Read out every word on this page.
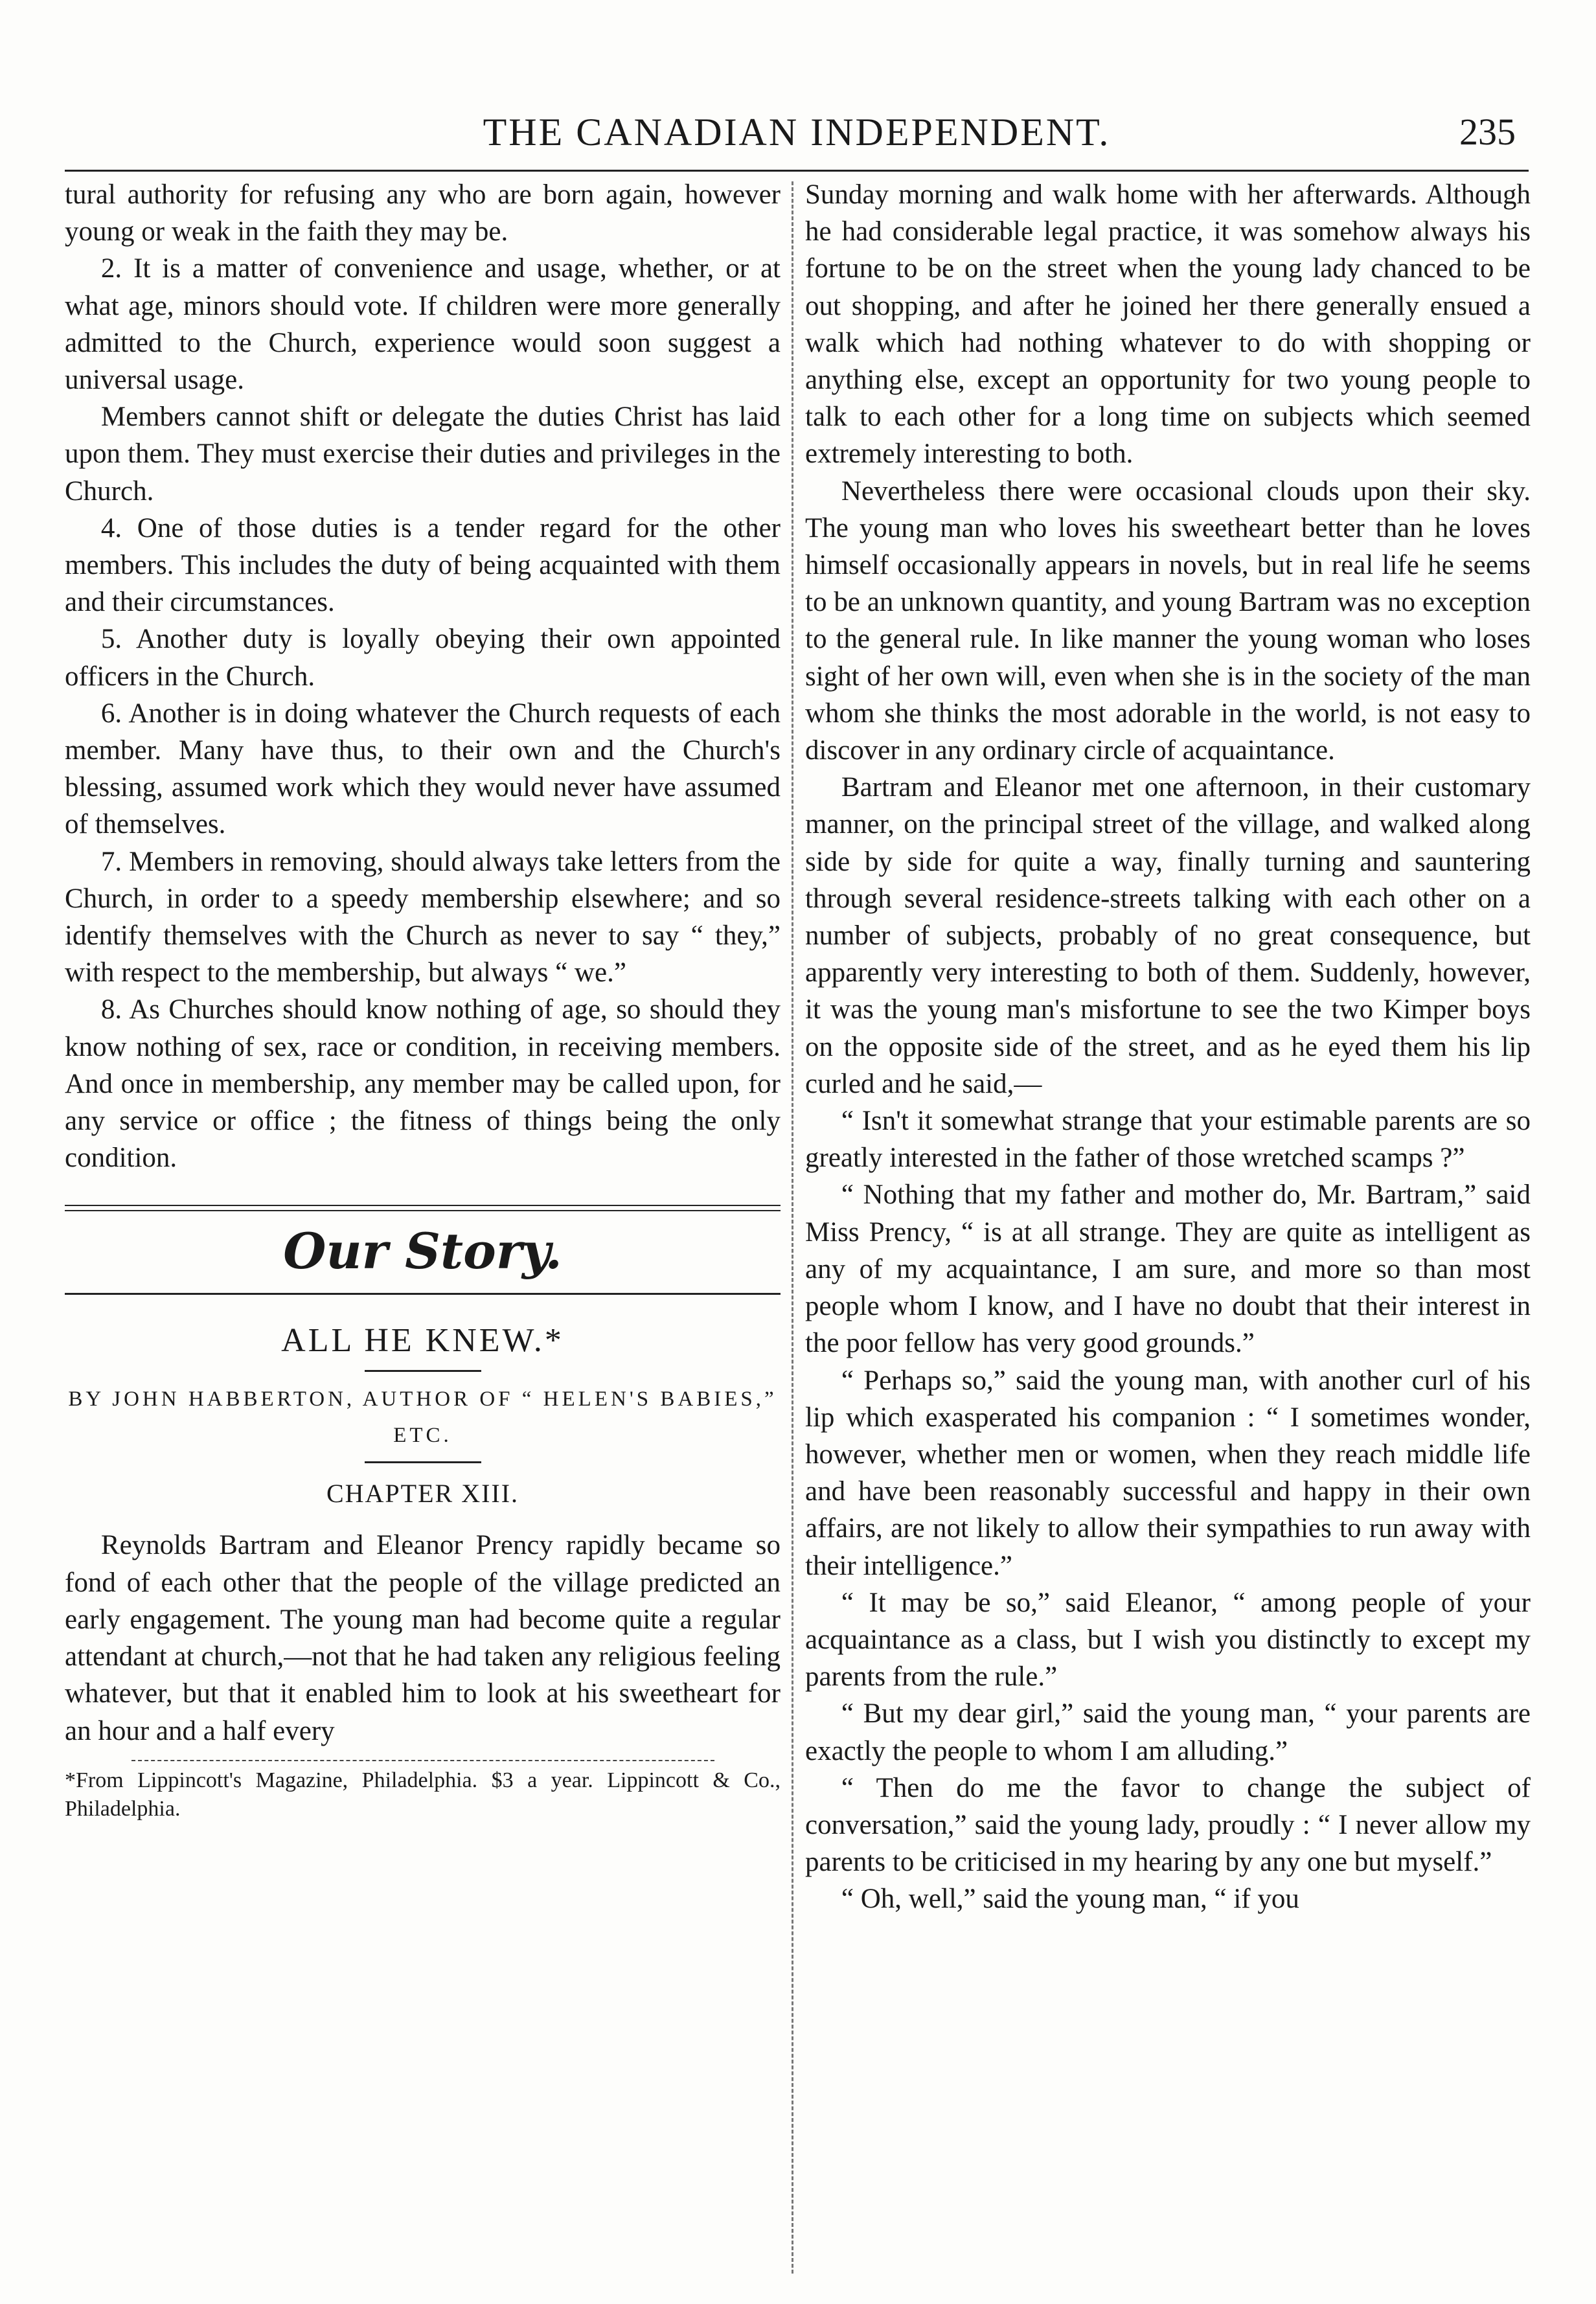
THE CANADIAN INDEPENDENT.	235

tural authority for refusing any who are born again, however young or weak in the faith they may be.

2. It is a matter of convenience and usage, whether, or at what age, minors should vote. If children were more generally admitted to the Church, experience would soon suggest a universal usage.

Members cannot shift or delegate the duties Christ has laid upon them. They must exercise their duties and privileges in the Church.

4. One of those duties is a tender regard for the other members. This includes the duty of being acquainted with them and their circumstances.

5. Another duty is loyally obeying their own appointed officers in the Church.

6. Another is in doing whatever the Church requests of each member. Many have thus, to their own and the Church's blessing, assumed work which they would never have assumed of themselves.

7. Members in removing, should always take letters from the Church, in order to a speedy membership elsewhere; and so identify themselves with the Church as never to say “ they,” with respect to the membership, but always “ we.”

8. As Churches should know nothing of age, so should they know nothing of sex, race or condition, in receiving members. And once in membership, any member may be called upon, for any service or office ; the fitness of things being the only condition.

Our Story.
ALL HE KNEW.*
BY JOHN HABBERTON, AUTHOR OF “ HELEN'S BABIES,” ETC.
CHAPTER XIII.

Reynolds Bartram and Eleanor Prency rapidly became so fond of each other that the people of the village predicted an early engagement. The young man had become quite a regular attendant at church,—not that he had taken any religious feeling whatever, but that it enabled him to look at his sweetheart for an hour and a half every

*From Lippincott's Magazine, Philadelphia. $3 a year. Lippincott & Co., Philadelphia.

Sunday morning and walk home with her afterwards. Although he had considerable legal practice, it was somehow always his fortune to be on the street when the young lady chanced to be out shopping, and after he joined her there generally ensued a walk which had nothing whatever to do with shopping or anything else, except an opportunity for two young people to talk to each other for a long time on subjects which seemed extremely interesting to both.

Nevertheless there were occasional clouds upon their sky. The young man who loves his sweetheart better than he loves himself occasionally appears in novels, but in real life he seems to be an unknown quantity, and young Bartram was no exception to the general rule. In like manner the young woman who loses sight of her own will, even when she is in the society of the man whom she thinks the most adorable in the world, is not easy to discover in any ordinary circle of acquaintance.

Bartram and Eleanor met one afternoon, in their customary manner, on the principal street of the village, and walked along side by side for quite a way, finally turning and sauntering through several residence-streets talking with each other on a number of subjects, probably of no great consequence, but apparently very interesting to both of them. Suddenly, however, it was the young man's misfortune to see the two Kimper boys on the opposite side of the street, and as he eyed them his lip curled and he said,—

“ Isn't it somewhat strange that your estimable parents are so greatly interested in the father of those wretched scamps ?”

“ Nothing that my father and mother do, Mr. Bartram,” said Miss Prency, “ is at all strange. They are quite as intelligent as any of my acquaintance, I am sure, and more so than most people whom I know, and I have no doubt that their interest in the poor fellow has very good grounds.”

“ Perhaps so,” said the young man, with another curl of his lip which exasperated his companion : “ I sometimes wonder, however, whether men or women, when they reach middle life and have been reasonably successful and happy in their own affairs, are not likely to allow their sympathies to run away with their intelligence.”

“ It may be so,” said Eleanor, “ among people of your acquaintance as a class, but I wish you distinctly to except my parents from the rule.”

“ But my dear girl,” said the young man, “ your parents are exactly the people to whom I am alluding.”

“ Then do me the favor to change the subject of conversation,” said the young lady, proudly : “ I never allow my parents to be criticised in my hearing by any one but myself.”

“ Oh, well,” said the young man, “ if you
